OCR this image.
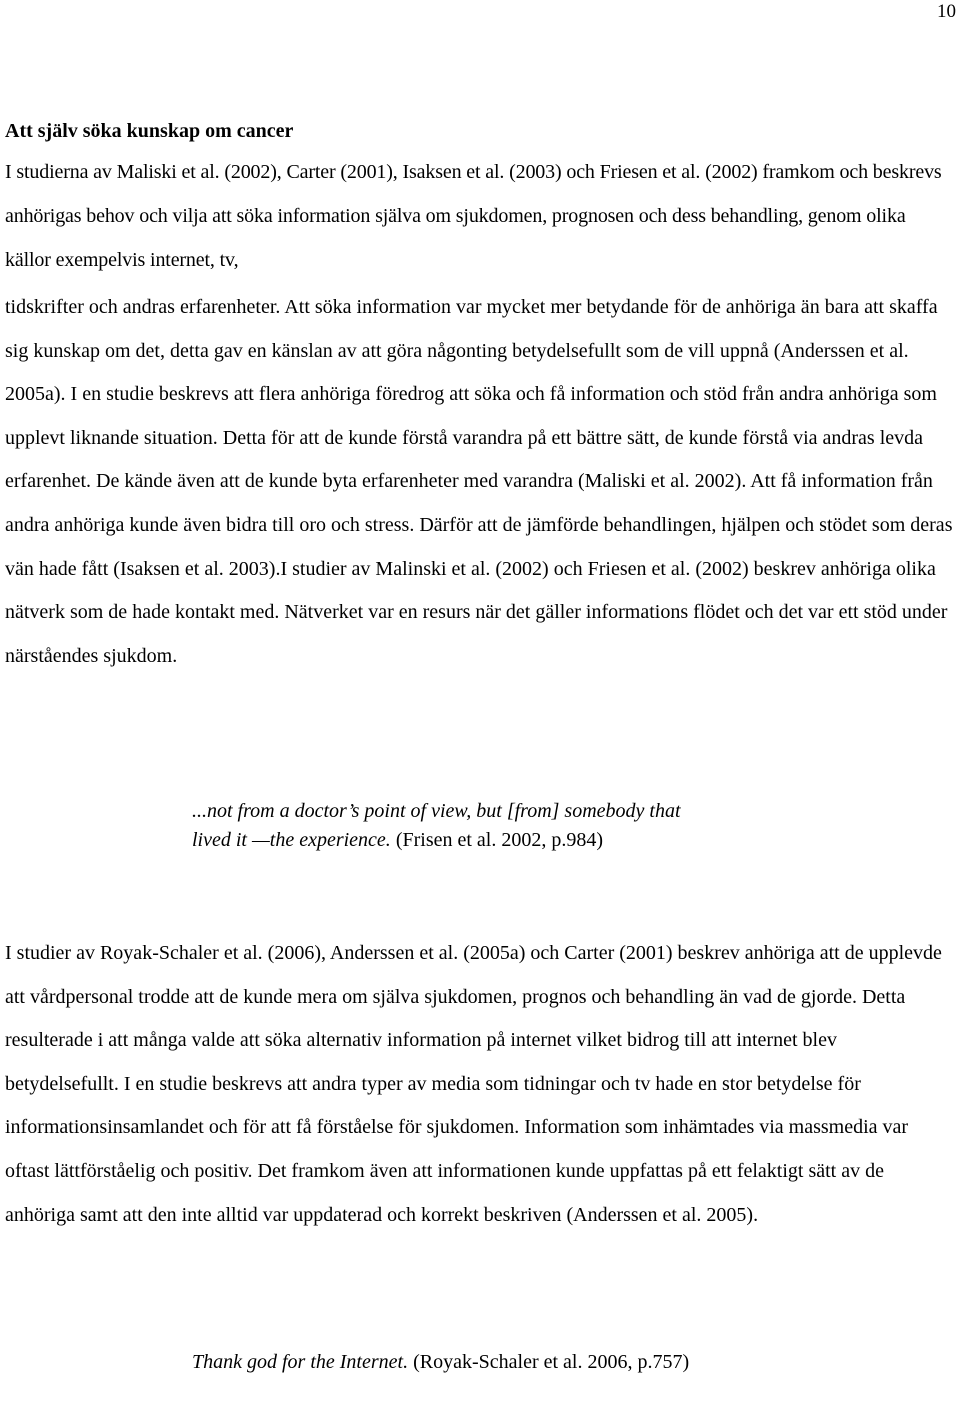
10
Att själv söka kunskap om cancer

I studierna av Maliski et al. (2002), Carter (2001), Isaksen et al. (2003) och Friesen et al. (2002) framkom och beskrevs anhörigas behov och vilja att söka information själva om sjukdomen, prognosen och dess behandling, genom olika källor exempelvis internet, tv,

tidskrifter och andras erfarenheter. Att söka information var mycket mer betydande för de anhöriga än bara att skaffa sig kunskap om det, detta gav en känslan av att göra någonting betydelsefullt som de vill uppnå (Anderssen et al. 2005a). I en studie beskrevs att flera anhöriga föredrog att söka och få information och stöd från andra anhöriga som upplevt liknande situation. Detta för att de kunde förstå varandra på ett bättre sätt, de kunde förstå via andras levda erfarenhet. De kände även att de kunde byta erfarenheter med varandra (Maliski et al. 2002). Att få information från andra anhöriga kunde även bidra till oro och stress. Därför att de jämförde behandlingen, hjälpen och stödet som deras vän hade fått (Isaksen et al. 2003).I studier av Malinski et al. (2002) och Friesen et al. (2002) beskrev anhöriga olika nätverk som de hade kontakt med. Nätverket var en resurs när det gäller informations flödet och det var ett stöd under närståendes sjukdom.

...not from a doctor’s point of view, but [from] somebody that lived it —the experience. (Frisen et al. 2002, p.984)

I studier av Royak-Schaler et al. (2006), Anderssen et al. (2005a) och Carter (2001) beskrev anhöriga att de upplevde att vårdpersonal trodde att de kunde mera om själva sjukdomen, prognos och behandling än vad de gjorde. Detta resulterade i att många valde att söka alternativ information på internet vilket bidrog till att internet blev betydelsefullt. I en studie beskrevs att andra typer av media som tidningar och tv hade en stor betydelse för informationsinsamlandet och för att få förståelse för sjukdomen. Information som inhämtades via massmedia var oftast lättförståelig och positiv. Det framkom även att informationen kunde uppfattas på ett felaktigt sätt av de anhöriga samt att den inte alltid var uppdaterad och korrekt beskriven (Anderssen et al. 2005).

Thank god for the Internet. (Royak-Schaler et al. 2006, p.757)
